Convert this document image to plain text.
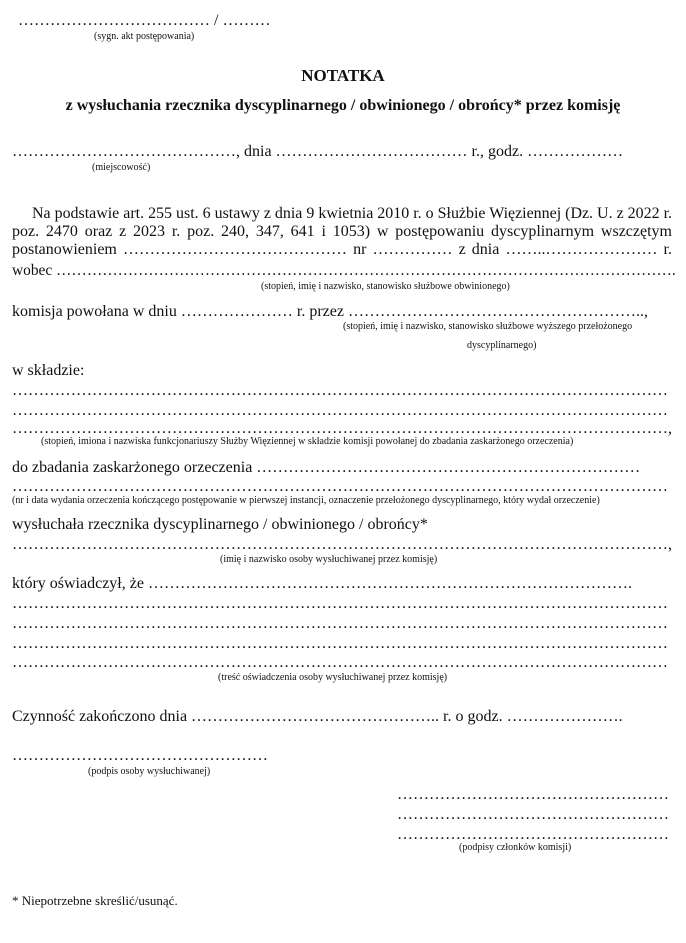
……………………………… / ………
(sygn. akt postępowania)
NOTATKA
z wysłuchania rzecznika dyscyplinarnego / obwinionego / obrońcy* przez komisję
……………………………………, dnia ……………………………… r., godz. ………………
(miejscowość)
Na podstawie art. 255 ust. 6 ustawy z dnia 9 kwietnia 2010 r. o Służbie Więziennej (Dz. U. z 2022 r.
poz. 2470 oraz z 2023 r. poz. 240, 347, 641 i 1053) w postępowaniu dyscyplinarnym wszczętym
postanowieniem …………………………………… nr …………… z dnia ……..………………… r.
wobec ………………………………………………………………………………………………………….
(stopień, imię i nazwisko, stanowisko służbowe obwinionego)
komisja powołana w dniu ………………… r. przez ………………………………………………..,
(stopień, imię i nazwisko, stanowisko służbowe wyższego przełożonego
dyscyplinarnego)
w składzie:
……………………………………………………………………………………………………………
……………………………………………………………………………………………………………
……………………………………………………………………………………………………………,
(stopień, imiona i nazwiska funkcjonariuszy Służby Więziennej w składzie komisji powołanej do zbadania zaskarżonego orzeczenia)
do zbadania zaskarżonego orzeczenia ………………………………………………………………
……………………………………………………………………………………………………………
(nr i data wydania orzeczenia kończącego postępowanie w pierwszej instancji, oznaczenie przełożonego dyscyplinarnego, który wydał orzeczenie)
wysłuchała rzecznika dyscyplinarnego / obwinionego / obrońcy*
……………………………………………………………………………………………………………,
(imię i nazwisko osoby wysłuchiwanej przez komisję)
który oświadczył, że ……………………………………………………………………………….
……………………………………………………………………………………………………………
……………………………………………………………………………………………………………
……………………………………………………………………………………………………………
……………………………………………………………………………………………………………
(treść oświadczenia osoby wysłuchiwanej przez komisję)
Czynność zakończono dnia ……………………………………….. r. o godz. ………………….
…………………………………………
(podpis osoby wysłuchiwanej)
……………………………………………
……………………………………………
……………………………………………
(podpisy członków komisji)
* Niepotrzebne skreślić/usunąć.
